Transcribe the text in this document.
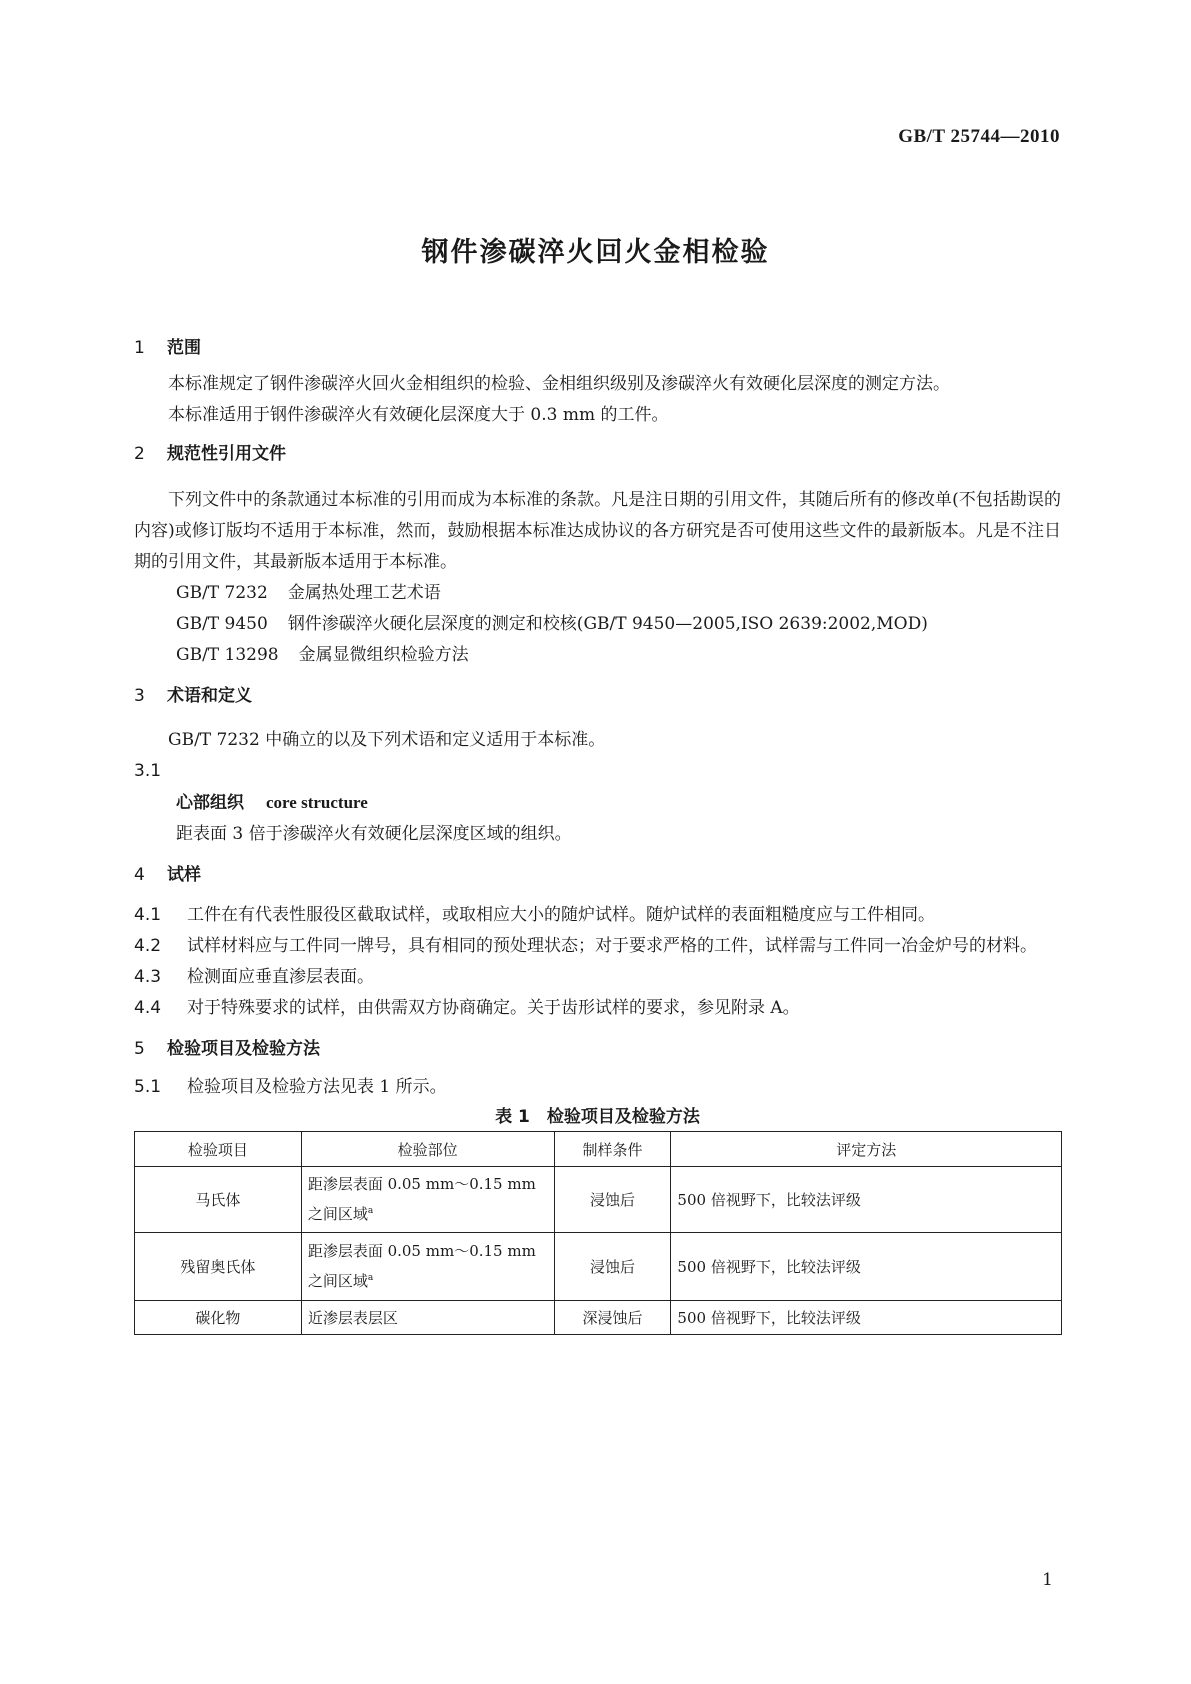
GB/T 25744—2010
钢件渗碳淬火回火金相检验
1 范围

本标准规定了钢件渗碳淬火回火金相组织的检验、金相组织级别及渗碳淬火有效硬化层深度的测定方法。

本标准适用于钢件渗碳淬火有效硬化层深度大于 0.3 mm 的工件。

2 规范性引用文件

下列文件中的条款通过本标准的引用而成为本标准的条款。凡是注日期的引用文件，其随后所有的修改单(不包括勘误的内容)或修订版均不适用于本标准，然而，鼓励根据本标准达成协议的各方研究是否可使用这些文件的最新版本。凡是不注日期的引用文件，其最新版本适用于本标准。

GB/T 7232 金属热处理工艺术语
GB/T 9450 钢件渗碳淬火硬化层深度的测定和校核(GB/T 9450—2005,ISO 2639:2002,MOD)
GB/T 13298 金属显微组织检验方法
3 术语和定义

GB/T 7232 中确立的以及下列术语和定义适用于本标准。

3.1

心部组织 core structure
距表面 3 倍于渗碳淬火有效硬化层深度区域的组织。
4 试样

4.1 工件在有代表性服役区截取试样，或取相应大小的随炉试样。随炉试样的表面粗糙度应与工件相同。

4.2 试样材料应与工件同一牌号，具有相同的预处理状态；对于要求严格的工件，试样需与工件同一冶金炉号的材料。

4.3 检测面应垂直渗层表面。

4.4 对于特殊要求的试样，由供需双方协商确定。关于齿形试样的要求，参见附录 A。

5 检验项目及检验方法

5.1 检验项目及检验方法见表 1 所示。

表 1　检验项目及检验方法

检验项目	检验部位	制样条件	评定方法
马氏体	距渗层表面 0.05 mm～0.15 mm 之间区域$^a$	浸蚀后	500 倍视野下，比较法评级
残留奥氏体	距渗层表面 0.05 mm～0.15 mm 之间区域$^a$	浸蚀后	500 倍视野下，比较法评级
碳化物	近渗层表层区	深浸蚀后	500 倍视野下，比较法评级
1
